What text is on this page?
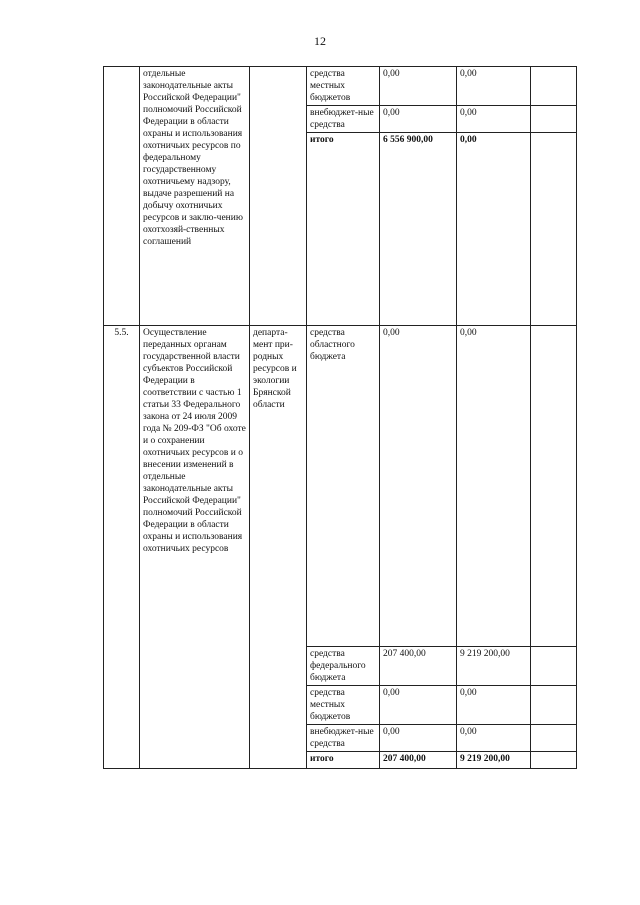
12
	отдельные законодательные акты Российской Федерации" полномочий Российской Федерации в области охраны и использования охотничьих ресурсов по федеральному государственному охотничьему надзору, выдаче разрешений на добычу охотничьих ресурсов и заклю-чению охотхозяй-ственных соглашений		средства местных бюджетов	0,00	0,00	
			внебюджет-ные средства	0,00	0,00	
			итого	6 556 900,00	0,00	
5.5.	Осуществление переданных органам государственной власти субъектов Российской Федерации в соответствии с частью 1 статьи 33 Федерального закона от 24 июля 2009 года № 209-ФЗ "Об охоте и о сохранении охотничьих ресурсов и о внесении изменений в отдельные законодательные акты Российской Федерации" полномочий Российской Федерации в области охраны и использования охотничьих ресурсов	департа-мент при-родных ресурсов и экологии Брянской области	средства областного бюджета	0,00	0,00	
			средства федерального бюджета	207 400,00	9 219 200,00	
			средства местных бюджетов	0,00	0,00	
			внебюджет-ные средства	0,00	0,00	
			итого	207 400,00	9 219 200,00	
